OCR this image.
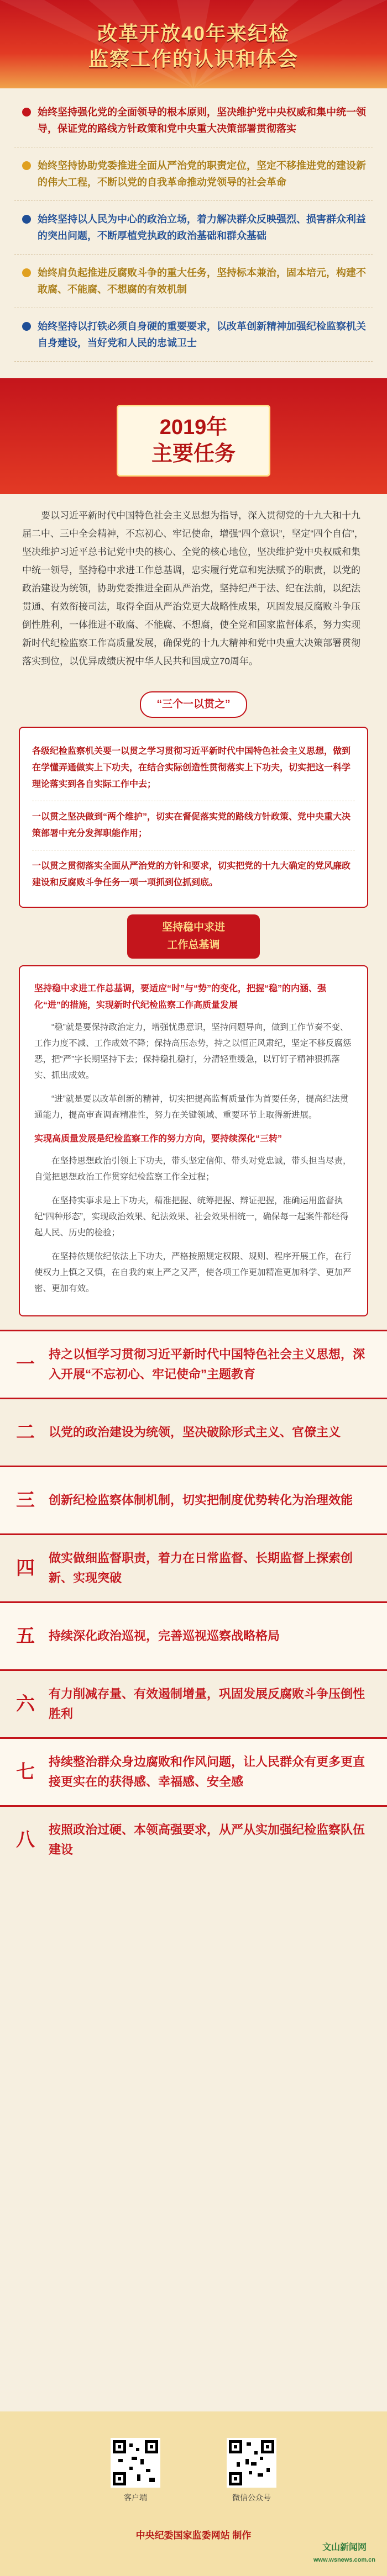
改革开放40年来纪检
监察工作的认识和体会
始终坚持强化党的全面领导的根本原则，坚决维护党中央权威和集中统一领导，保证党的路线方针政策和党中央重大决策部署贯彻落实
始终坚持协助党委推进全面从严治党的职责定位，坚定不移推进党的建设新的伟大工程，不断以党的自我革命推动党领导的社会革命
始终坚持以人民为中心的政治立场，着力解决群众反映强烈、损害群众利益的突出问题，不断厚植党执政的政治基础和群众基础
始终肩负起推进反腐败斗争的重大任务，坚持标本兼治，固本培元，构建不敢腐、不能腐、不想腐的有效机制
始终坚持以打铁必须自身硬的重要要求，以改革创新精神加强纪检监察机关自身建设，当好党和人民的忠诚卫士
2019年
主要任务
要以习近平新时代中国特色社会主义思想为指导，深入贯彻党的十九大和十九届二中、三中全会精神，不忘初心、牢记使命，增强“四个意识”，坚定“四个自信”，坚决维护习近平总书记党中央的核心、全党的核心地位，坚决维护党中央权威和集中统一领导，坚持稳中求进工作总基调，忠实履行党章和宪法赋予的职责，以党的政治建设为统领，协助党委推进全面从严治党，坚持纪严于法、纪在法前，以纪法贯通、有效衔接司法，取得全面从严治党更大战略性成果，巩固发展反腐败斗争压倒性胜利，一体推进不敢腐、不能腐、不想腐，使全党和国家监督体系，努力实现新时代纪检监察工作高质量发展，确保党的十九大精神和党中央重大决策部署贯彻落实到位，以优异成绩庆祝中华人民共和国成立70周年。
“三个一以贯之”
各级纪检监察机关要一以贯之学习贯彻习近平新时代中国特色社会主义思想，做到在学懂弄通做实上下功夫，在结合实际创造性贯彻落实上下功夫，切实把这一科学理论落实到各自实际工作中去；
一以贯之坚决做到“两个维护”，切实在督促落实党的路线方针政策、党中央重大决策部署中充分发挥职能作用；
一以贯之贯彻落实全面从严治党的方针和要求，切实把党的十九大确定的党风廉政建设和反腐败斗争任务一项一项抓到位抓到底。
坚持稳中求进
工作总基调
坚持稳中求进工作总基调，要适应“时”与“势”的变化，把握“稳”的内涵、强化“进”的措施，实现新时代纪检监察工作高质量发展
“稳”就是要保持政治定力，增强忧患意识，坚持问题导向，做到工作节奏不变、工作力度不减、工作成效不降；保持高压态势，持之以恒正风肃纪，坚定不移反腐惩恶，把“严”字长期坚持下去；保持稳扎稳打，分清轻重缓急，以钉钉子精神狠抓落实、抓出成效。
“进”就是要以改革创新的精神，切实把提高监督质量作为首要任务，提高纪法贯通能力，提高审查调查精准性，努力在关键领域、重要环节上取得新进展。
实现高质量发展是纪检监察工作的努力方向，要持续深化“三转”
在坚持思想政治引领上下功夫，带头坚定信仰、带头对党忠诚，带头担当尽责，自觉把思想政治工作贯穿纪检监察工作全过程；
在坚持实事求是上下功夫，精准把握、统筹把握、辩证把握，准确运用监督执纪“四种形态”，实现政治效果、纪法效果、社会效果相统一，确保每一起案件都经得起人民、历史的检验；
在坚持依规依纪依法上下功夫，严格按照规定权限、规则、程序开展工作，在行使权力上慎之又慎，在自我约束上严之又严，使各项工作更加精准更加科学、更加严密、更加有效。
一	持之以恒学习贯彻习近平新时代中国特色社会主义思想，深入开展“不忘初心、牢记使命”主题教育
二	以党的政治建设为统领，坚决破除形式主义、官僚主义
三	创新纪检监察体制机制，切实把制度优势转化为治理效能
四	做实做细监督职责，着力在日常监督、长期监督上探索创新、实现突破
五	持续深化政治巡视，完善巡视巡察战略格局
六	有力削减存量、有效遏制增量，巩固发展反腐败斗争压倒性胜利
七	持续整治群众身边腐败和作风问题，让人民群众有更多更直接更实在的获得感、幸福感、安全感
八	按照政治过硬、本领高强要求，从严从实加强纪检监察队伍建设
客户端	微信公众号
中央纪委国家监委网站 制作
文山新闻网
www.wsnews.com.cn
